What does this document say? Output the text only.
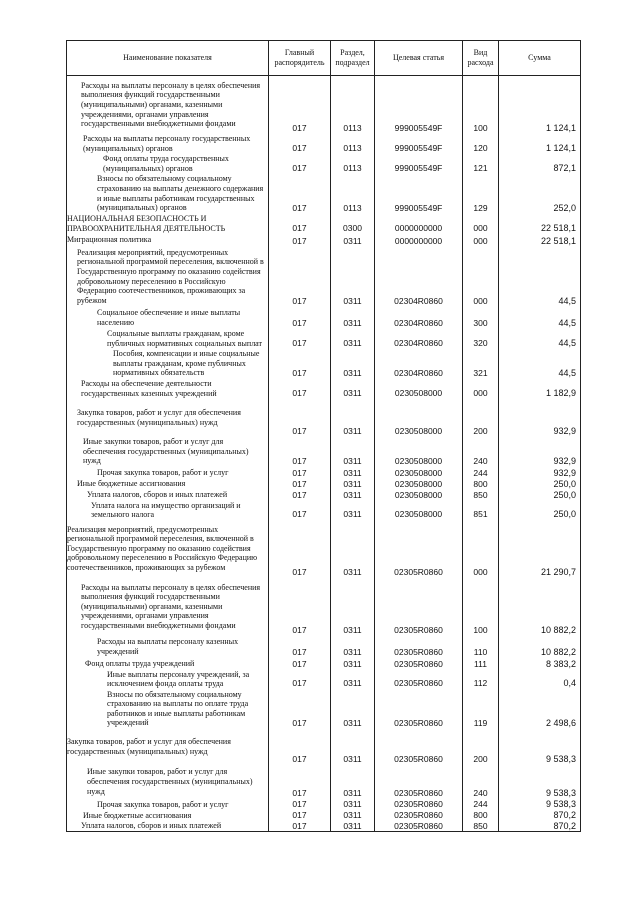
Наименование показателя	Главный распорядитель	Раздел, подраздел	Целевая статья	Вид расхода	Сумма
Расходы на выплаты персоналу в целях обеспечения выполнения функций государственными (муниципальными) органами, казенными учреждениями, органами управления государственными внебюджетными фондами	017	0113	999005549F	100	1 124,1
Расходы на выплаты персоналу государственных (муниципальных) органов	017	0113	999005549F	120	1 124,1
Фонд оплаты труда государственных (муниципальных) органов	017	0113	999005549F	121	872,1
Взносы по обязательному социальному страхованию на выплаты денежного содержания и иные выплаты работникам государственных (муниципальных) органов	017	0113	999005549F	129	252,0
НАЦИОНАЛЬНАЯ БЕЗОПАСНОСТЬ И ПРАВООХРАНИТЕЛЬНАЯ ДЕЯТЕЛЬНОСТЬ	017	0300	0000000000	000	22 518,1
Миграционная политика	017	0311	0000000000	000	22 518,1
Реализация мероприятий, предусмотренных региональной программой переселения, включенной в Государственную программу по оказанию содействия добровольному переселению в Российскую Федерацию соотечественников, проживающих за рубежом	017	0311	02304R0860	000	44,5
Социальное обеспечение и иные выплаты населению	017	0311	02304R0860	300	44,5
Социальные выплаты гражданам, кроме публичных нормативных социальных выплат	017	0311	02304R0860	320	44,5
Пособия, компенсации и иные социальные выплаты гражданам, кроме публичных нормативных обязательств	017	0311	02304R0860	321	44,5
Расходы на обеспечение деятельности государственных казенных учреждений	017	0311	0230508000	000	1 182,9
Закупка товаров, работ и услуг для обеспечения государственных (муниципальных) нужд	017	0311	0230508000	200	932,9
Иные закупки товаров, работ и услуг для обеспечения государственных (муниципальных) нужд	017	0311	0230508000	240	932,9
Прочая закупка товаров, работ и услуг	017	0311	0230508000	244	932,9
Иные бюджетные ассигнования	017	0311	0230508000	800	250,0
Уплата налогов, сборов и иных платежей	017	0311	0230508000	850	250,0
Уплата налога на имущество организаций и земельного налога	017	0311	0230508000	851	250,0
Реализация мероприятий, предусмотренных региональной программой переселения, включенной в Государственную программу по оказанию содействия добровольному переселению в Российскую Федерацию соотечественников, проживающих за рубежом	017	0311	02305R0860	000	21 290,7
Расходы на выплаты персоналу в целях обеспечения выполнения функций государственными (муниципальными) органами, казенными учреждениями, органами управления государственными внебюджетными фондами	017	0311	02305R0860	100	10 882,2
Расходы на выплаты персоналу казенных учреждений	017	0311	02305R0860	110	10 882,2
Фонд оплаты труда учреждений	017	0311	02305R0860	111	8 383,2
Иные выплаты персоналу учреждений, за исключением фонда оплаты труда	017	0311	02305R0860	112	0,4
Взносы по обязательному социальному страхованию на выплаты по оплате труда работников и иные выплаты работникам учреждений	017	0311	02305R0860	119	2 498,6
Закупка товаров, работ и услуг для обеспечения государственных (муниципальных) нужд	017	0311	02305R0860	200	9 538,3
Иные закупки товаров, работ и услуг для обеспечения государственных (муниципальных) нужд	017	0311	02305R0860	240	9 538,3
Прочая закупка товаров, работ и услуг	017	0311	02305R0860	244	9 538,3
Иные бюджетные ассигнования	017	0311	02305R0860	800	870,2
Уплата налогов, сборов и иных платежей	017	0311	02305R0860	850	870,2
